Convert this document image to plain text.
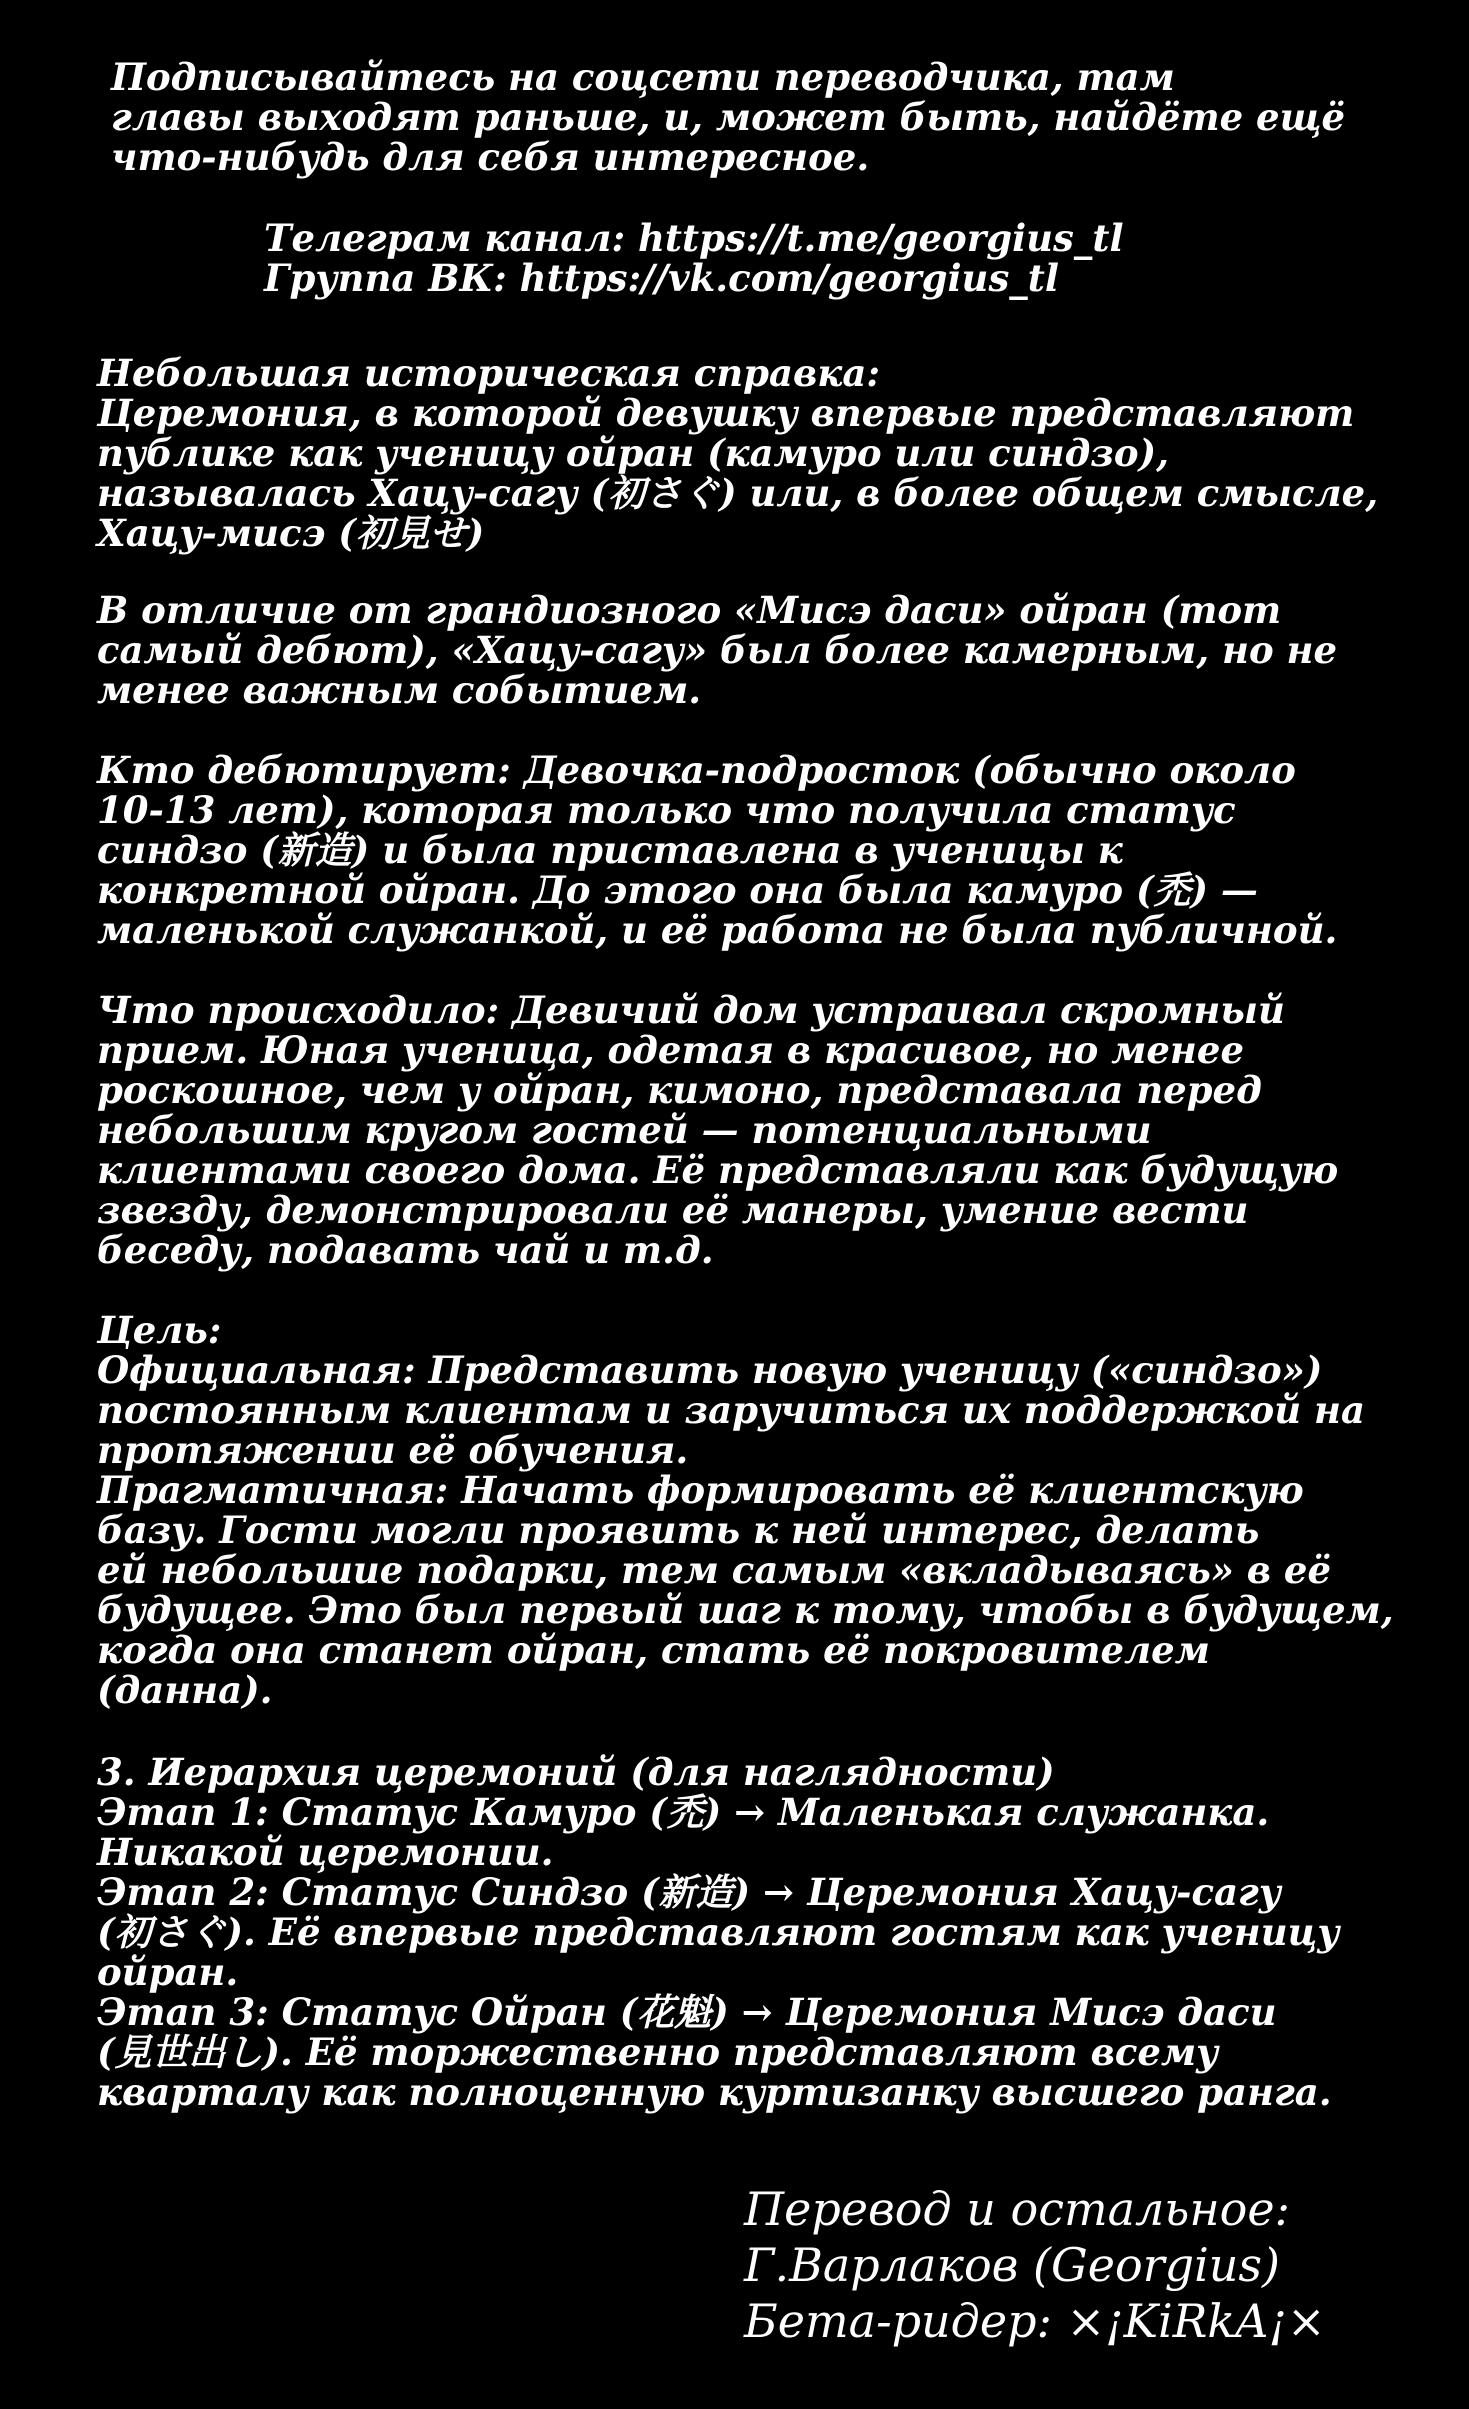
Подписывайтесь на соцсети переводчика, там
главы выходят раньше, и, может быть, найдёте ещё
что-нибудь для себя интересное.
Телеграм канал: https://t.me/georgius_tl
Группа ВК: https://vk.com/georgius_tl
Небольшая историческая справка:
Церемония, в которой девушку впервые представляют
публике как ученицу ойран (камуро или синдзо),
называлась Хацу-сагу (初さぐ) или, в более общем смысле,
Хацу-мисэ (初見せ)
В отличие от грандиозного «Мисэ даси» ойран (тот
самый дебют), «Хацу-сагу» был более камерным, но не
менее важным событием.
Кто дебютирует: Девочка-подросток (обычно около
10-13 лет), которая только что получила статус
синдзо (新造) и была приставлена в ученицы к
конкретной ойран. До этого она была камуро (禿) —
маленькой служанкой, и её работа не была публичной.
Что происходило: Девичий дом устраивал скромный
прием. Юная ученица, одетая в красивое, но менее
роскошное, чем у ойран, кимоно, представала перед
небольшим кругом гостей — потенциальными
клиентами своего дома. Её представляли как будущую
звезду, демонстрировали её манеры, умение вести
беседу, подавать чай и т.д.
Цель:
Официальная: Представить новую ученицу («синдзо»)
постоянным клиентам и заручиться их поддержкой на
протяжении её обучения.
Прагматичная: Начать формировать её клиентскую
базу. Гости могли проявить к ней интерес, делать
ей небольшие подарки, тем самым «вкладываясь» в её
будущее. Это был первый шаг к тому, чтобы в будущем,
когда она станет ойран, стать её покровителем
(данна).
3. Иерархия церемоний (для наглядности)
Этап 1: Статус Камуро (禿) → Маленькая служанка.
Никакой церемонии.
Этап 2: Статус Синдзо (新造) → Церемония Хацу-сагу
(初さぐ). Её впервые представляют гостям как ученицу
ойран.
Этап 3: Статус Ойран (花魁) → Церемония Мисэ даси
(見世出し). Её торжественно представляют всему
кварталу как полноценную куртизанку высшего ранга.
Перевод и остальное:
Г.Варлаков (Georgius)
Бета-ридер: ×¡KiRkA¡×
